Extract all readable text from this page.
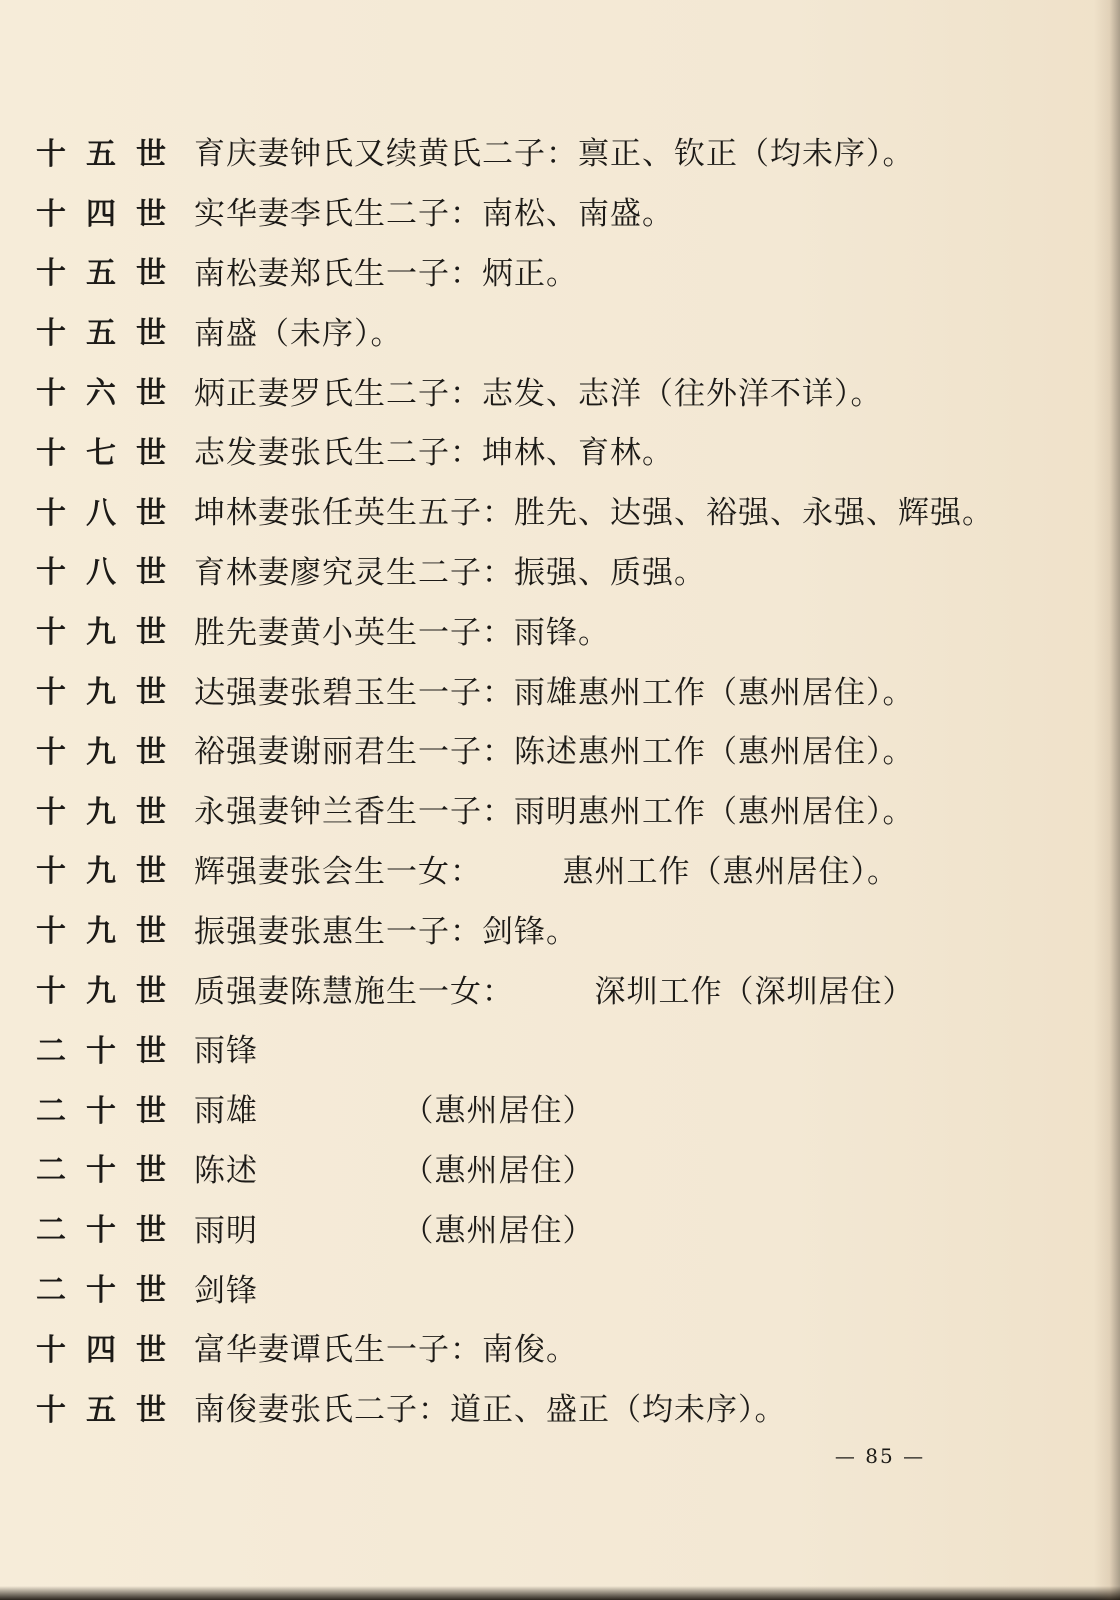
十五世 育庆妻钟氏又续黄氏二子：禀正、钦正（均未序）。
十四世 实华妻李氏生二子：南松、南盛。
十五世 南松妻郑氏生一子：炳正。
十五世 南盛（未序）。
十六世 炳正妻罗氏生二子：志发、志洋（往外洋不详）。
十七世 志发妻张氏生二子：坤林、育林。
十八世 坤林妻张任英生五子：胜先、达强、裕强、永强、辉强。
十八世 育林妻廖究灵生二子：振强、质强。
十九世 胜先妻黄小英生一子：雨锋。
十九世 达强妻张碧玉生一子：雨雄惠州工作（惠州居住）。
十九世 裕强妻谢丽君生一子：陈述惠州工作（惠州居住）。
十九世 永强妻钟兰香生一子：雨明惠州工作（惠州居住）。
十九世 辉强妻张会生一女：　　　惠州工作（惠州居住）。
十九世 振强妻张惠生一子：剑锋。
十九世 质强妻陈慧施生一女：　　　深圳工作（深圳居住）
二十世 雨锋
二十世 雨雄　　　　　（惠州居住）
二十世 陈述　　　　　（惠州居住）
二十世 雨明　　　　　（惠州居住）
二十世 剑锋
十四世 富华妻谭氏生一子：南俊。
十五世 南俊妻张氏二子：道正、盛正（均未序）。
— 85 —
